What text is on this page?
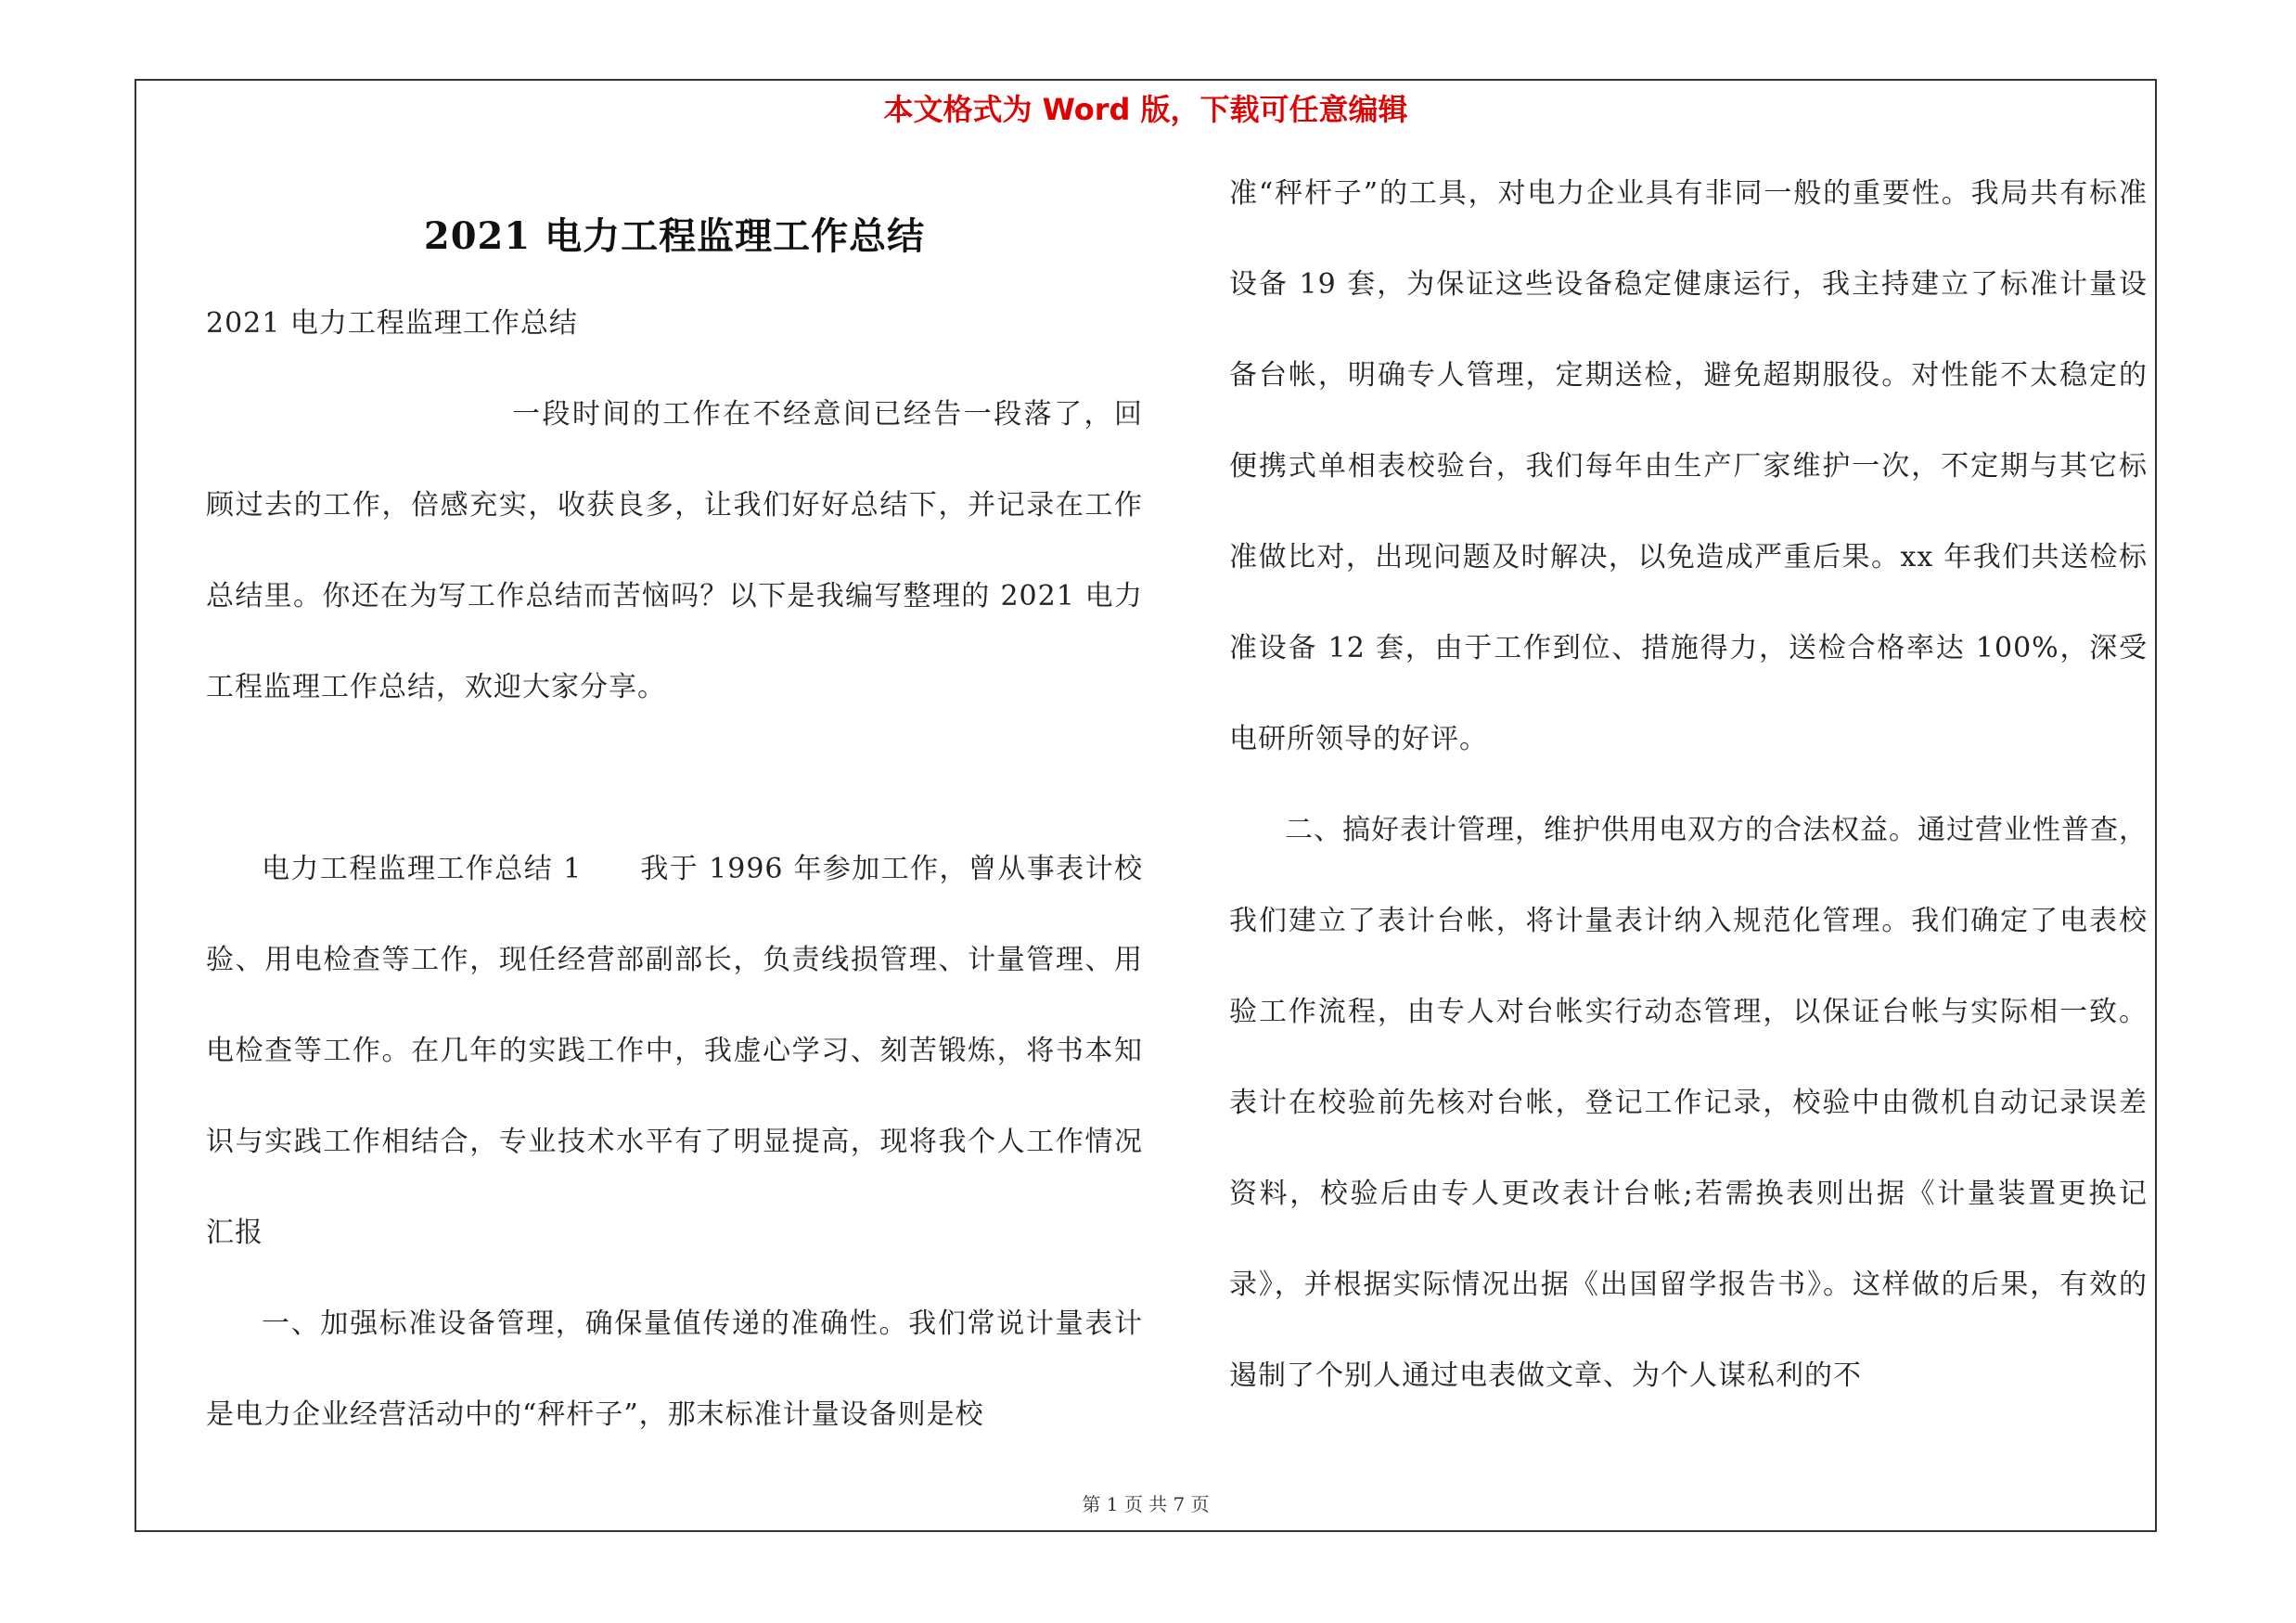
本文格式为 Word 版，下载可任意编辑
2021 电力工程监理工作总结

2021 电力工程监理工作总结

一段时间的工作在不经意间已经告一段落了，回顾过去的工作，倍感充实，收获良多，让我们好好总结下，并记录在工作总结里。你还在为写工作总结而苦恼吗？以下是我编写整理的 2021 电力工程监理工作总结，欢迎大家分享。

电力工程监理工作总结 1　　我于 1996 年参加工作，曾从事表计校验、用电检查等工作，现任经营部副部长，负责线损管理、计量管理、用电检查等工作。在几年的实践工作中，我虚心学习、刻苦锻炼，将书本知识与实践工作相结合，专业技术水平有了明显提高，现将我个人工作情况汇报

一、加强标准设备管理，确保量值传递的准确性。我们常说计量表计是电力企业经营活动中的“秤杆子”，那末标准计量设备则是校

准“秤杆子”的工具，对电力企业具有非同一般的重要性。我局共有标准设备 19 套，为保证这些设备稳定健康运行，我主持建立了标准计量设备台帐，明确专人管理，定期送检，避免超期服役。对性能不太稳定的便携式单相表校验台，我们每年由生产厂家维护一次，不定期与其它标准做比对，出现问题及时解决，以免造成严重后果。xx 年我们共送检标准设备 12 套，由于工作到位、措施得力，送检合格率达 100%，深受电研所领导的好评。

二、搞好表计管理，维护供用电双方的合法权益。通过营业性普查，我们建立了表计台帐，将计量表计纳入规范化管理。我们确定了电表校验工作流程，由专人对台帐实行动态管理，以保证台帐与实际相一致。表计在校验前先核对台帐，登记工作记录，校验中由微机自动记录误差资料，校验后由专人更改表计台帐;若需换表则出据《计量装置更换记录》，并根据实际情况出据《出国留学报告书》。这样做的后果，有效的遏制了个别人通过电表做文章、为个人谋私利的不

第 1 页 共 7 页
